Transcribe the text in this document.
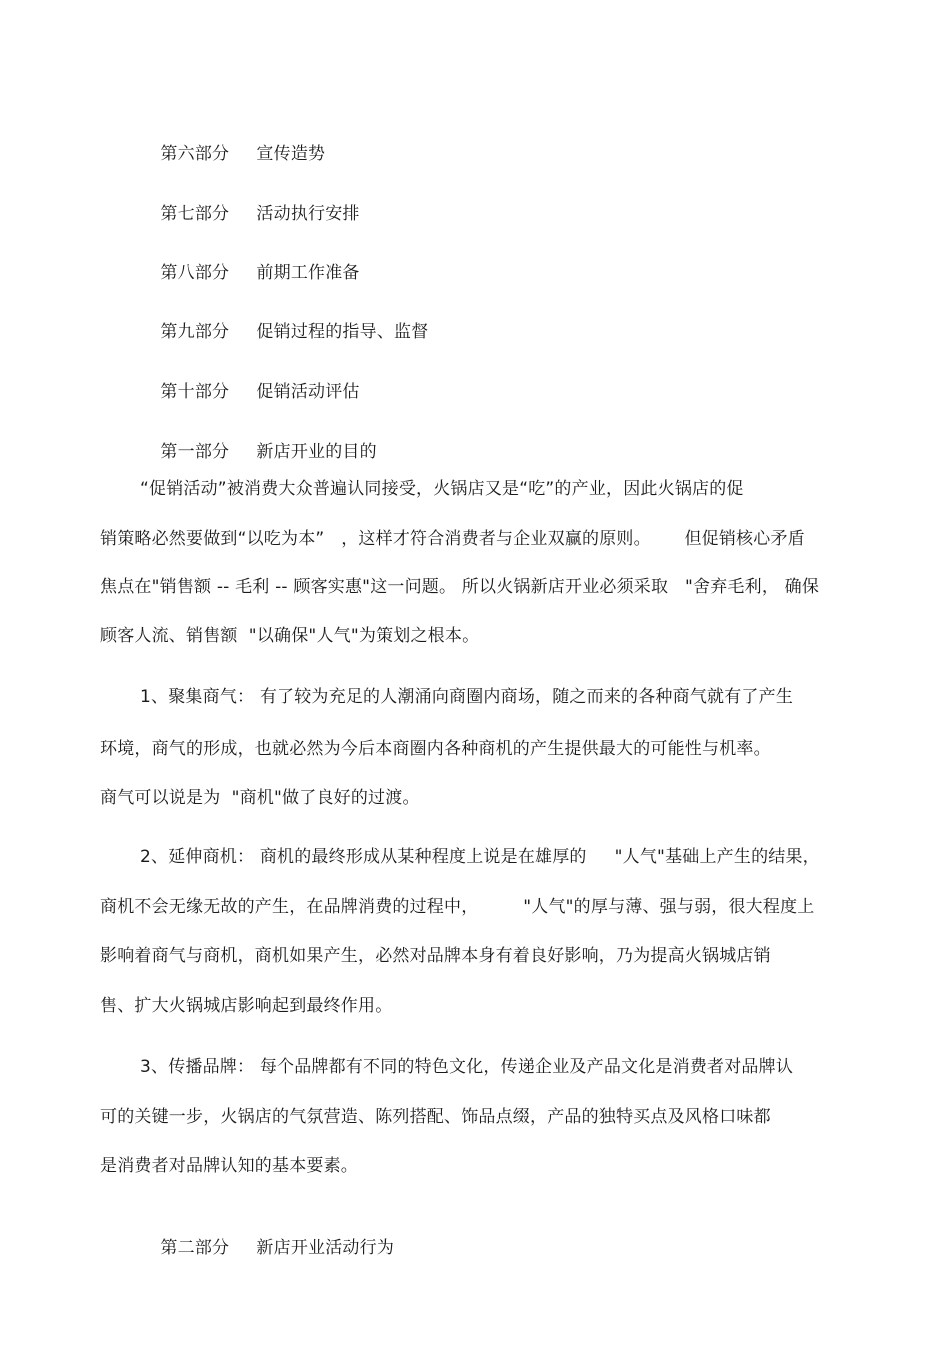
第六部分 宣传造势

第七部分 活动执行安排

第八部分 前期工作准备

第九部分 促销过程的指导、监督

第十部分 促销活动评估

第一部分 新店开业的目的

“促销活动”被消费大众普遍认同接受，火锅店又是“吃”的产业，因此火锅店的促
销策略必然要做到“以吃为本”   ，这样才符合消费者与企业双赢的原则。      但促销核心矛盾
焦点在"销售额 -- 毛利 -- 顾客实惠"这一问题。 所以火锅新店开业必须采取   "舍弃毛利， 确保
顾客人流、销售额  "以确保"人气"为策划之根本。
1、聚集商气： 有了较为充足的人潮涌向商圈内商场，随之而来的各种商气就有了产生
环境，商气的形成，也就必然为今后本商圈内各种商机的产生提供最大的可能性与机率。
商气可以说是为  "商机"做了良好的过渡。
2、延伸商机： 商机的最终形成从某种程度上说是在雄厚的     "人气"基础上产生的结果，
商机不会无缘无故的产生，在品牌消费的过程中，        "人气"的厚与薄、强与弱，很大程度上
影响着商气与商机，商机如果产生，必然对品牌本身有着良好影响，乃为提高火锅城店销
售、扩大火锅城店影响起到最终作用。
3、传播品牌： 每个品牌都有不同的特色文化，传递企业及产品文化是消费者对品牌认
可的关键一步，火锅店的气氛营造、陈列搭配、饰品点缀，产品的独特买点及风格口味都
是消费者对品牌认知的基本要素。

第二部分 新店开业活动行为
